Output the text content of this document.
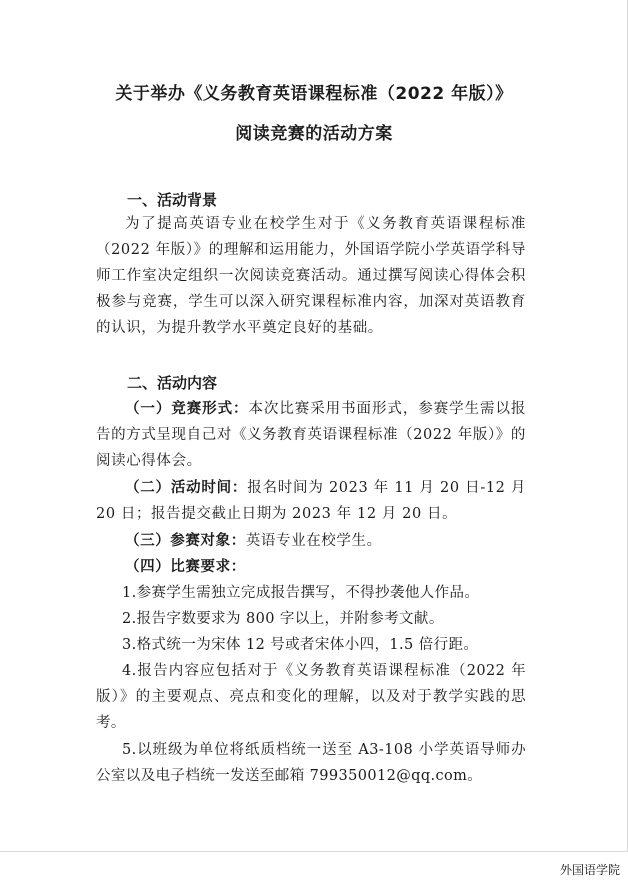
关于举办《义务教育英语课程标准（2022 年版）》
阅读竞赛的活动方案
一、活动背景
为了提高英语专业在校学生对于《义务教育英语课程标准（2022 年版）》的理解和运用能力，外国语学院小学英语学科导师工作室决定组织一次阅读竞赛活动。通过撰写阅读心得体会积极参与竞赛，学生可以深入研究课程标准内容，加深对英语教育的认识，为提升教学水平奠定良好的基础。
二、活动内容
（一）竞赛形式：本次比赛采用书面形式，参赛学生需以报告的方式呈现自己对《义务教育英语课程标准（2022 年版）》的阅读心得体会。
（二）活动时间：报名时间为 2023 年 11 月 20 日-12 月 20 日；报告提交截止日期为 2023 年 12 月 20 日。
（三）参赛对象：英语专业在校学生。
（四）比赛要求：
1.参赛学生需独立完成报告撰写，不得抄袭他人作品。
2.报告字数要求为 800 字以上，并附参考文献。
3.格式统一为宋体 12 号或者宋体小四，1.5 倍行距。
4.报告内容应包括对于《义务教育英语课程标准（2022 年版）》的主要观点、亮点和变化的理解，以及对于教学实践的思考。
5.以班级为单位将纸质档统一送至 A3-108 小学英语导师办公室以及电子档统一发送至邮箱 799350012@qq.com。
外国语学院
